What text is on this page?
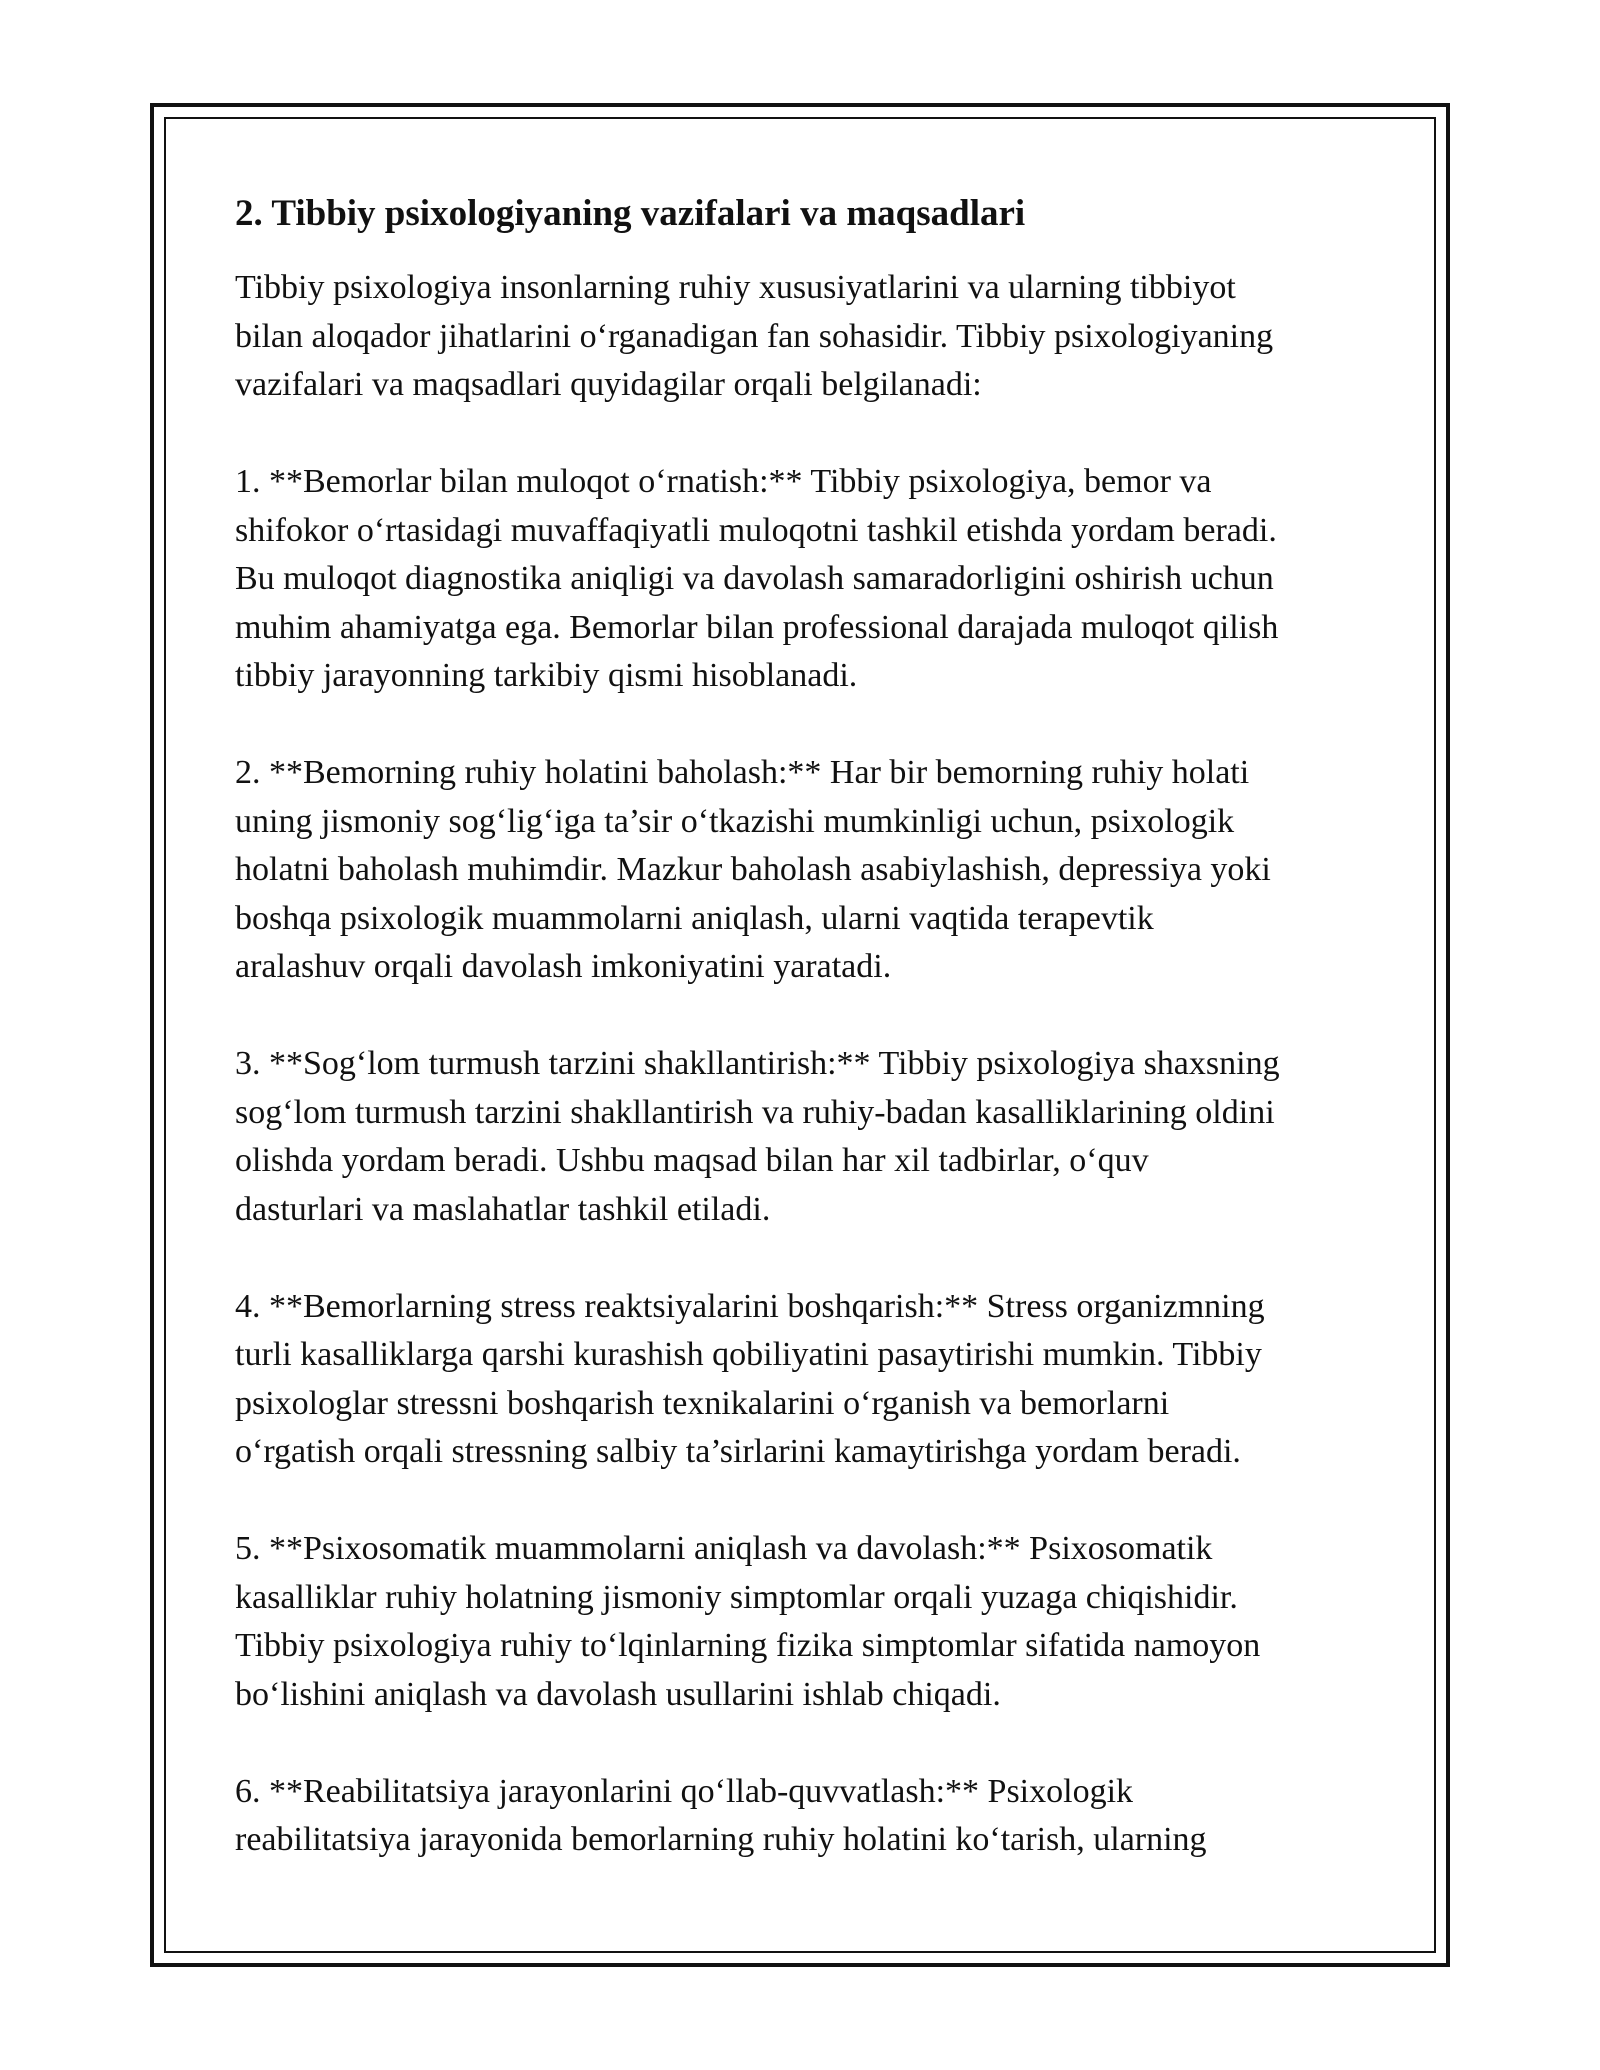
2. Tibbiy psixologiyaning vazifalari va maqsadlari

Tibbiy psixologiya insonlarning ruhiy xususiyatlarini va ularning tibbiyot
bilan aloqador jihatlarini o‘rganadigan fan sohasidir. Tibbiy psixologiyaning
vazifalari va maqsadlari quyidagilar orqali belgilanadi:

1. **Bemorlar bilan muloqot o‘rnatish:** Tibbiy psixologiya, bemor va
shifokor o‘rtasidagi muvaffaqiyatli muloqotni tashkil etishda yordam beradi.
Bu muloqot diagnostika aniqligi va davolash samaradorligini oshirish uchun
muhim ahamiyatga ega. Bemorlar bilan professional darajada muloqot qilish
tibbiy jarayonning tarkibiy qismi hisoblanadi.

2. **Bemorning ruhiy holatini baholash:** Har bir bemorning ruhiy holati
uning jismoniy sog‘lig‘iga ta’sir o‘tkazishi mumkinligi uchun, psixologik
holatni baholash muhimdir. Mazkur baholash asabiylashish, depressiya yoki
boshqa psixologik muammolarni aniqlash, ularni vaqtida terapevtik
aralashuv orqali davolash imkoniyatini yaratadi.

3. **Sog‘lom turmush tarzini shakllantirish:** Tibbiy psixologiya shaxsning
sog‘lom turmush tarzini shakllantirish va ruhiy-badan kasalliklarining oldini
olishda yordam beradi. Ushbu maqsad bilan har xil tadbirlar, o‘quv
dasturlari va maslahatlar tashkil etiladi.

4. **Bemorlarning stress reaktsiyalarini boshqarish:** Stress organizmning
turli kasalliklarga qarshi kurashish qobiliyatini pasaytirishi mumkin. Tibbiy
psixologlar stressni boshqarish texnikalarini o‘rganish va bemorlarni
o‘rgatish orqali stressning salbiy ta’sirlarini kamaytirishga yordam beradi.

5. **Psixosomatik muammolarni aniqlash va davolash:** Psixosomatik
kasalliklar ruhiy holatning jismoniy simptomlar orqali yuzaga chiqishidir.
Tibbiy psixologiya ruhiy to‘lqinlarning fizika simptomlar sifatida namoyon
bo‘lishini aniqlash va davolash usullarini ishlab chiqadi.

6. **Reabilitatsiya jarayonlarini qo‘llab-quvvatlash:** Psixologik
reabilitatsiya jarayonida bemorlarning ruhiy holatini ko‘tarish, ularning
